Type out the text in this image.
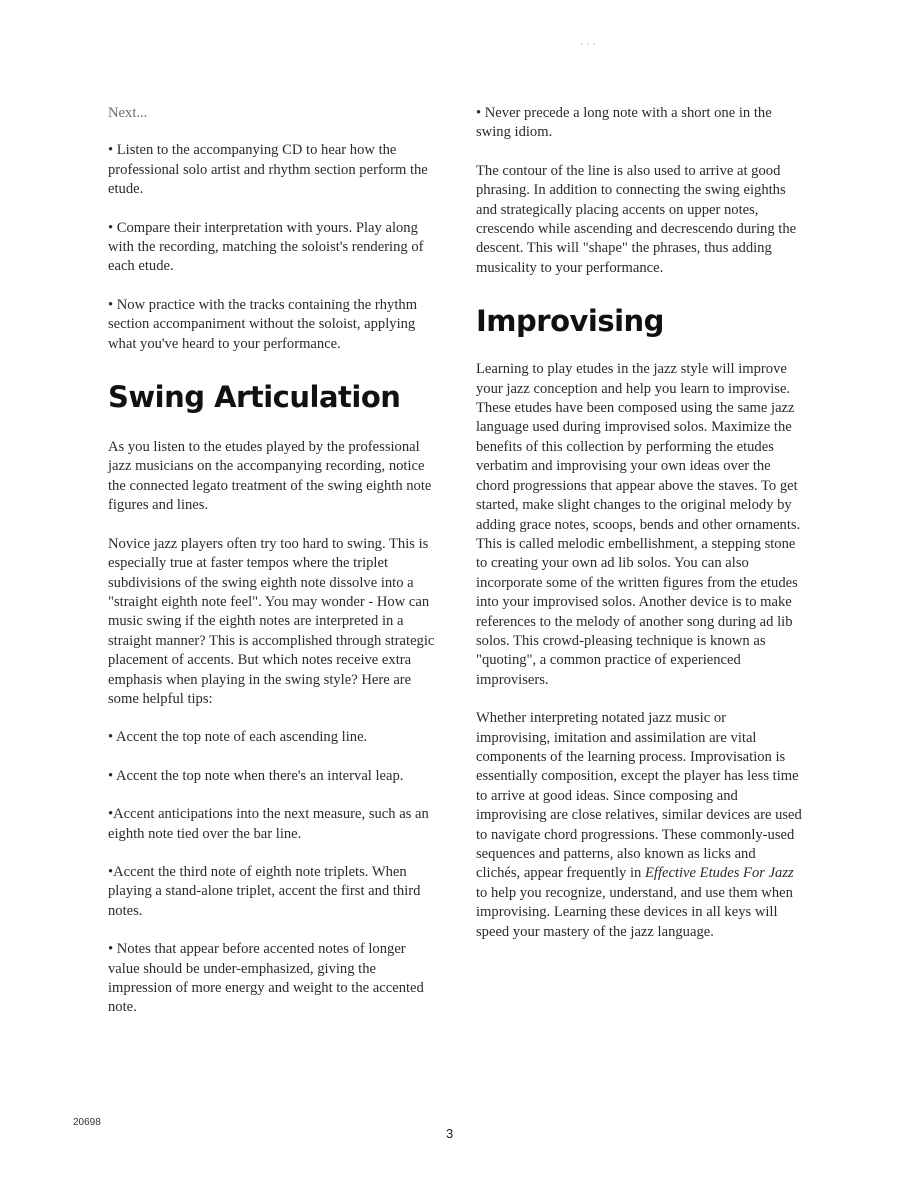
· · ·

Next...

• Listen to the accompanying CD to hear how the professional solo artist and rhythm section perform the etude.

• Compare their interpretation with yours. Play along with the recording, matching the soloist's rendering of each etude.

• Now practice with the tracks containing the rhythm section accompaniment without the soloist, applying what you've heard to your performance.

Swing Articulation

As you listen to the etudes played by the professional jazz musicians on the accompanying recording, notice the connected legato treatment of the swing eighth note figures and lines.

Novice jazz players often try too hard to swing. This is especially true at faster tempos where the triplet subdivisions of the swing eighth note dissolve into a "straight eighth note feel". You may wonder - How can music swing if the eighth notes are interpreted in a straight manner? This is accomplished through strategic placement of accents. But which notes receive extra emphasis when playing in the swing style? Here are some helpful tips:

• Accent the top note of each ascending line.

• Accent the top note when there's an interval leap.

•Accent anticipations into the next measure, such as an eighth note tied over the bar line.

•Accent the third note of eighth note triplets. When playing a stand-alone triplet, accent the first and third notes.

• Notes that appear before accented notes of longer value should be under-emphasized, giving the impression of more energy and weight to the accented note.

• Never precede a long note with a short one in the swing idiom.

The contour of the line is also used to arrive at good phrasing. In addition to connecting the swing eighths and strategically placing accents on upper notes, crescendo while ascending and decrescendo during the descent. This will "shape" the phrases, thus adding musicality to your performance.

Improvising

Learning to play etudes in the jazz style will improve your jazz conception and help you learn to improvise. These etudes have been composed using the same jazz language used during improvised solos. Maximize the benefits of this collection by performing the etudes verbatim and improvising your own ideas over the chord progressions that appear above the staves. To get started, make slight changes to the original melody by adding grace notes, scoops, bends and other ornaments. This is called melodic embellishment, a stepping stone to creating your own ad lib solos. You can also incorporate some of the written figures from the etudes into your improvised solos. Another device is to make references to the melody of another song during ad lib solos. This crowd-pleasing technique is known as "quoting", a common practice of experienced improvisers.

Whether interpreting notated jazz music or improvising, imitation and assimilation are vital components of the learning process. Improvisation is essentially composition, except the player has less time to arrive at good ideas. Since composing and improvising are close relatives, similar devices are used to navigate chord progressions. These commonly-used sequences and patterns, also known as licks and clichés, appear frequently in Effective Etudes For Jazz to help you recognize, understand, and use them when improvising. Learning these devices in all keys will speed your mastery of the jazz language.

20698
3
